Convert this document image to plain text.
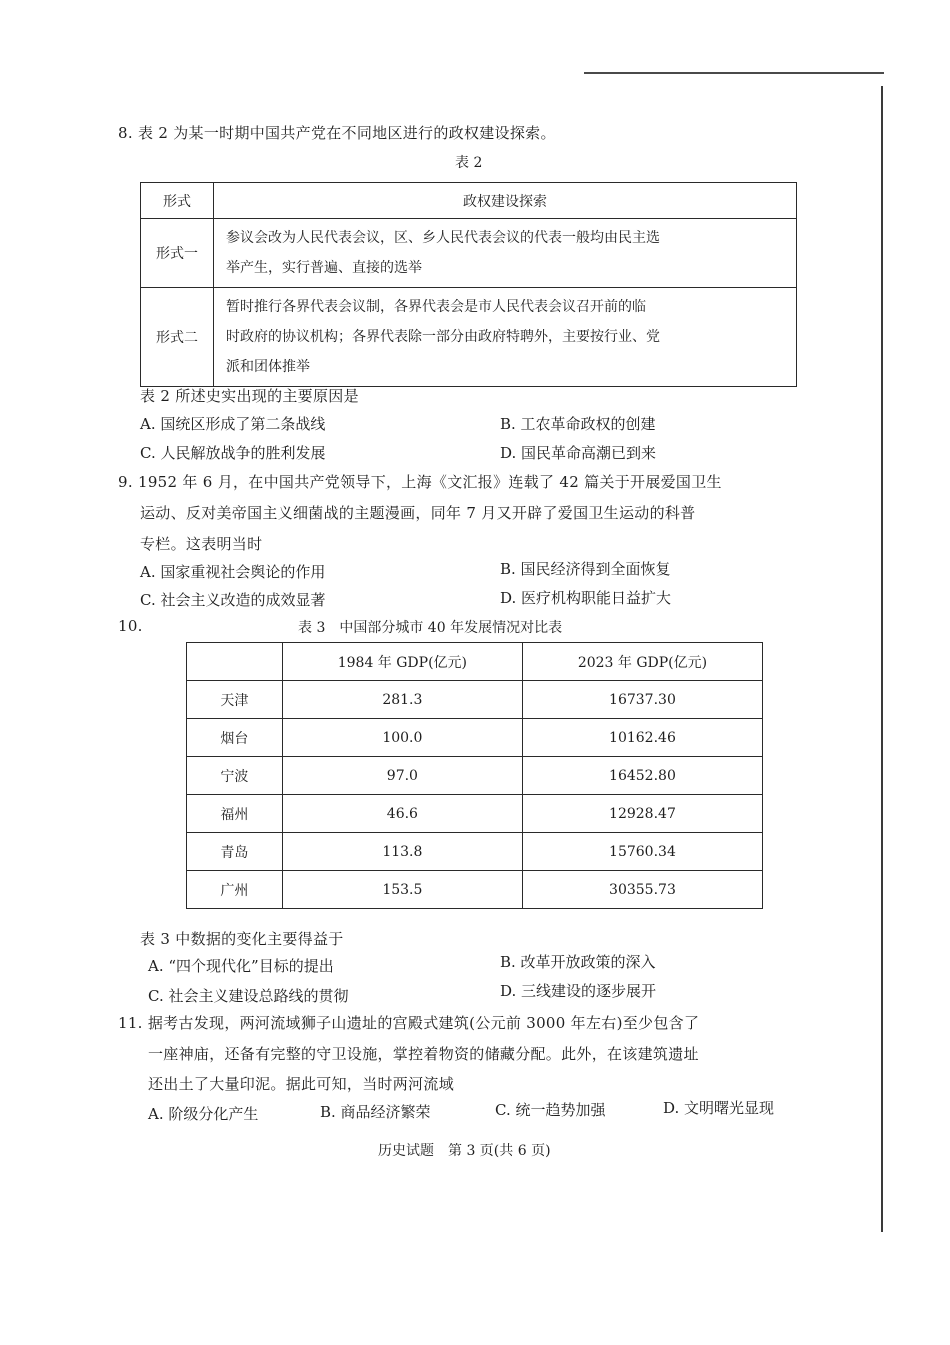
8. 表 2 为某一时期中国共产党在不同地区进行的政权建设探索。
表 2
形式	政权建设探索
形式一	参议会改为人民代表会议，区、乡人民代表会议的代表一般均由民主选
举产生，实行普遍、直接的选举

形式二	暂时推行各界代表会议制，各界代表会是市人民代表会议召开前的临
时政府的协议机构；各界代表除一部分由政府特聘外，主要按行业、党
派和团体推举
表 2 所述史实出现的主要原因是
A. 国统区形成了第二条战线	B. 工农革命政权的创建
C. 人民解放战争的胜利发展	D. 国民革命高潮已到来
9. 1952 年 6 月，在中国共产党领导下，上海《文汇报》连载了 42 篇关于开展爱国卫生
运动、反对美帝国主义细菌战的主题漫画，同年 7 月又开辟了爱国卫生运动的科普
专栏。这表明当时
A. 国家重视社会舆论的作用	B. 国民经济得到全面恢复
C. 社会主义改造的成效显著	D. 医疗机构职能日益扩大
10.	表 3　中国部分城市 40 年发展情况对比表
	1984 年 GDP(亿元)	2023 年 GDP(亿元)
天津	281.3	16737.30
烟台	100.0	10162.46
宁波	97.0	16452.80
福州	46.6	12928.47
青岛	113.8	15760.34
广州	153.5	30355.73
表 3 中数据的变化主要得益于
A. “四个现代化”目标的提出	B. 改革开放政策的深入
C. 社会主义建设总路线的贯彻	D. 三线建设的逐步展开
11. 据考古发现，两河流域狮子山遗址的宫殿式建筑(公元前 3000 年左右)至少包含了
一座神庙，还备有完整的守卫设施，掌控着物资的储藏分配。此外，在该建筑遗址
还出土了大量印泥。据此可知，当时两河流域
A. 阶级分化产生	B. 商品经济繁荣	C. 统一趋势加强	D. 文明曙光显现
历史试题　第 3 页(共 6 页)
